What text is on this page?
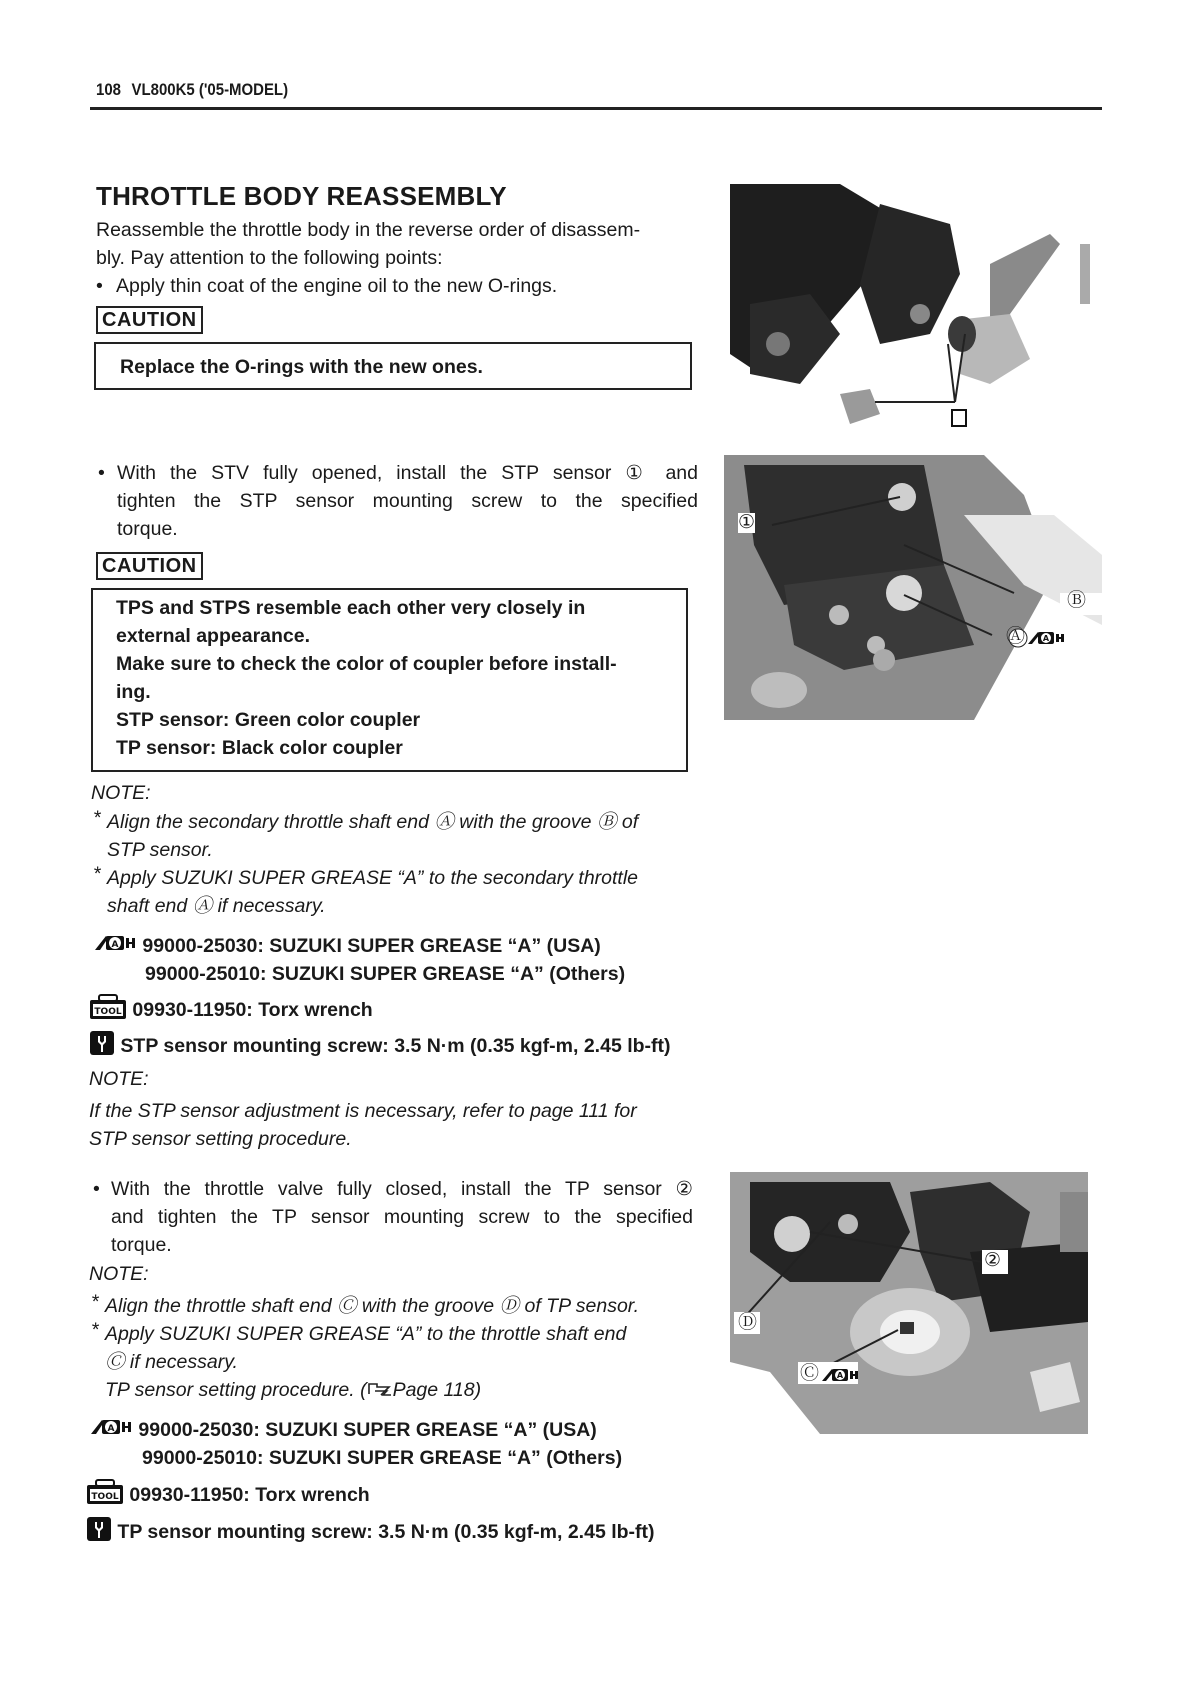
108 VL800K5 ('05-MODEL)
THROTTLE BODY REASSEMBLY
Reassemble the throttle body in the reverse order of disassem-
bly. Pay attention to the following points:
• Apply thin coat of the engine oil to the new O-rings.
CAUTION
Replace the O-rings with the new ones.
• With the STV fully opened, install the STP sensor ① and
tighten the STP sensor mounting screw to the specified
torque.
CAUTION
TPS and STPS resemble each other very closely in
external appearance.
Make sure to check the color of coupler before install-
ing.
STP sensor: Green color coupler
TP sensor: Black color coupler
①
Ⓐ A
Ⓑ
NOTE:
* Align the secondary throttle shaft end Ⓐ with the groove Ⓑ of
STP sensor.
* Apply SUZUKI SUPER GREASE “A” to the secondary throttle
shaft end Ⓐ if necessary.
A 99000-25030: SUZUKI SUPER GREASE “A” (USA)
99000-25010: SUZUKI SUPER GREASE “A” (Others)
TOOL 09930-11950: Torx wrench
STP sensor mounting screw: 3.5 N·m (0.35 kgf-m, 2.45 lb-ft)
NOTE:
If the STP sensor adjustment is necessary, refer to page 111 for
STP sensor setting procedure.
• With the throttle valve fully closed, install the TP sensor ②
and tighten the TP sensor mounting screw to the specified
torque.
NOTE:
* Align the throttle shaft end Ⓒ with the groove Ⓓ of TP sensor.
* Apply SUZUKI SUPER GREASE “A” to the throttle shaft end
Ⓒ if necessary.
TP sensor setting procedure. ( Page 118)
A 99000-25030: SUZUKI SUPER GREASE “A” (USA)
99000-25010: SUZUKI SUPER GREASE “A” (Others)
TOOL 09930-11950: Torx wrench
TP sensor mounting screw: 3.5 N·m (0.35 kgf-m, 2.45 lb-ft)
②
Ⓓ
Ⓒ A
